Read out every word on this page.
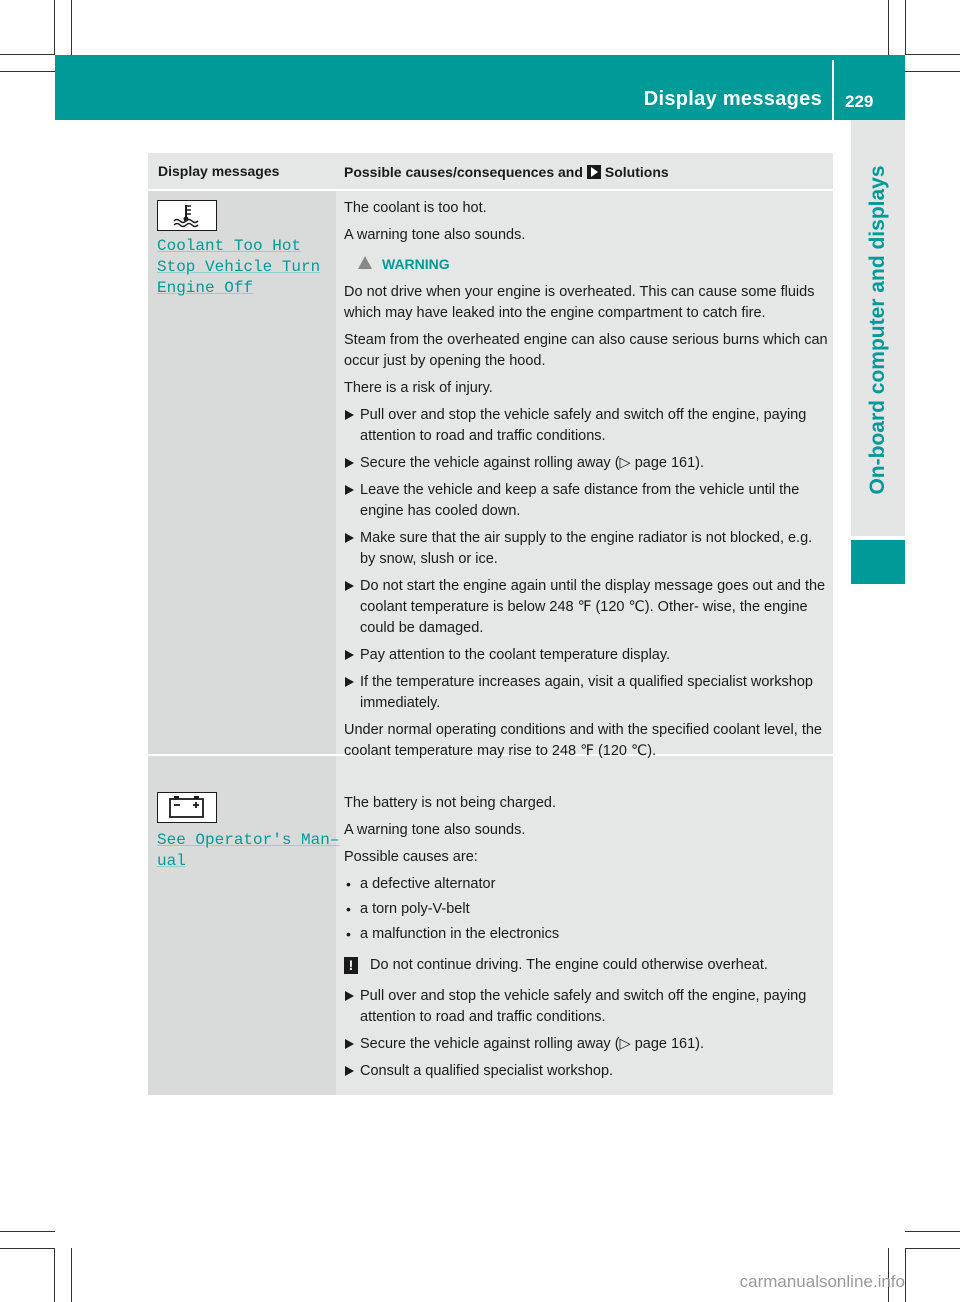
Display messages 229
On-board computer and displays
Display messages	Possible causes/consequences and Solutions
Coolant Too Hot
Stop Vehicle Turn
Engine Off

The coolant is too hot.

A warning tone also sounds.

WARNING

Do not drive when your engine is overheated. This can cause some fluids which may have leaked into the engine compartment to catch fire.

Steam from the overheated engine can also cause serious burns which can occur just by opening the hood.

There is a risk of injury.

Pull over and stop the vehicle safely and switch off the engine, paying attention to road and traffic conditions.

Secure the vehicle against rolling away (▷ page 161).

Leave the vehicle and keep a safe distance from the vehicle until the engine has cooled down.

Make sure that the air supply to the engine radiator is not blocked, e.g. by snow, slush or ice.

Do not start the engine again until the display message goes out and the coolant temperature is below 248 ℉ (120 ℃). Other- wise, the engine could be damaged.

Pay attention to the coolant temperature display.

If the temperature increases again, visit a qualified specialist workshop immediately.

Under normal operating conditions and with the specified coolant level, the coolant temperature may rise to 248 ℉ (120 ℃).

See Operator's Man–
ual

The battery is not being charged.

A warning tone also sounds.

Possible causes are:

• a defective alternator

• a torn poly-V-belt

• a malfunction in the electronics

! Do not continue driving. The engine could otherwise overheat.

Pull over and stop the vehicle safely and switch off the engine, paying attention to road and traffic conditions.

Secure the vehicle against rolling away (▷ page 161).

Consult a qualified specialist workshop.

carmanualsonline.info
